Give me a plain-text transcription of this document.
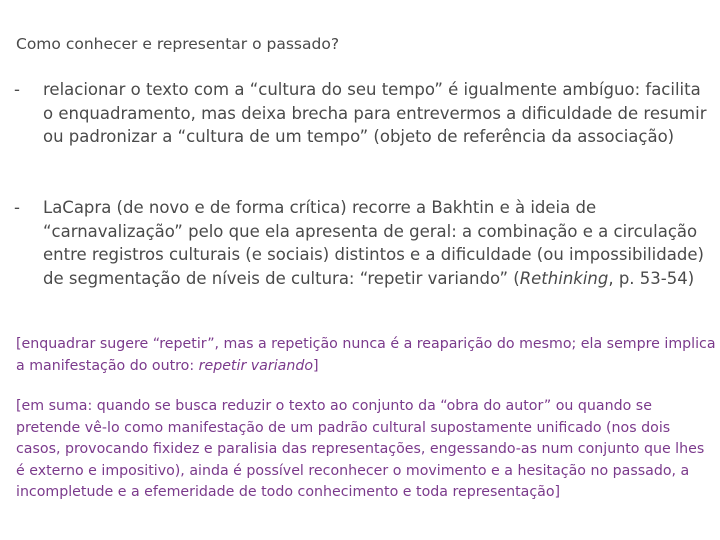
Como conhecer e representar o passado?
- relacionar o texto com a “cultura do seu tempo” é igualmente ambíguo: facilita o enquadramento, mas deixa brecha para entrevermos a dificuldade de resumir ou padronizar a “cultura de um tempo” (objeto de referência da associação)
- LaCapra (de novo e de forma crítica) recorre a Bakhtin e à ideia de “carnavalização” pelo que ela apresenta de geral: a combinação e a circulação entre registros culturais (e sociais) distintos e a dificuldade (ou impossibilidade) de segmentação de níveis de cultura: “repetir variando” (Rethinking, p. 53-54)
[enquadrar sugere “repetir”, mas a repetição nunca é a reaparição do mesmo; ela sempre implica a manifestação do outro: repetir variando]
[em suma: quando se busca reduzir o texto ao conjunto da “obra do autor” ou quando se pretende vê-lo como manifestação de um padrão cultural supostamente unificado (nos dois casos, provocando fixidez e paralisia das representações, engessando-as num conjunto que lhes é externo e impositivo), ainda é possível reconhecer o movimento e a hesitação no passado, a incompletude e a efemeridade de todo conhecimento e toda representação]
